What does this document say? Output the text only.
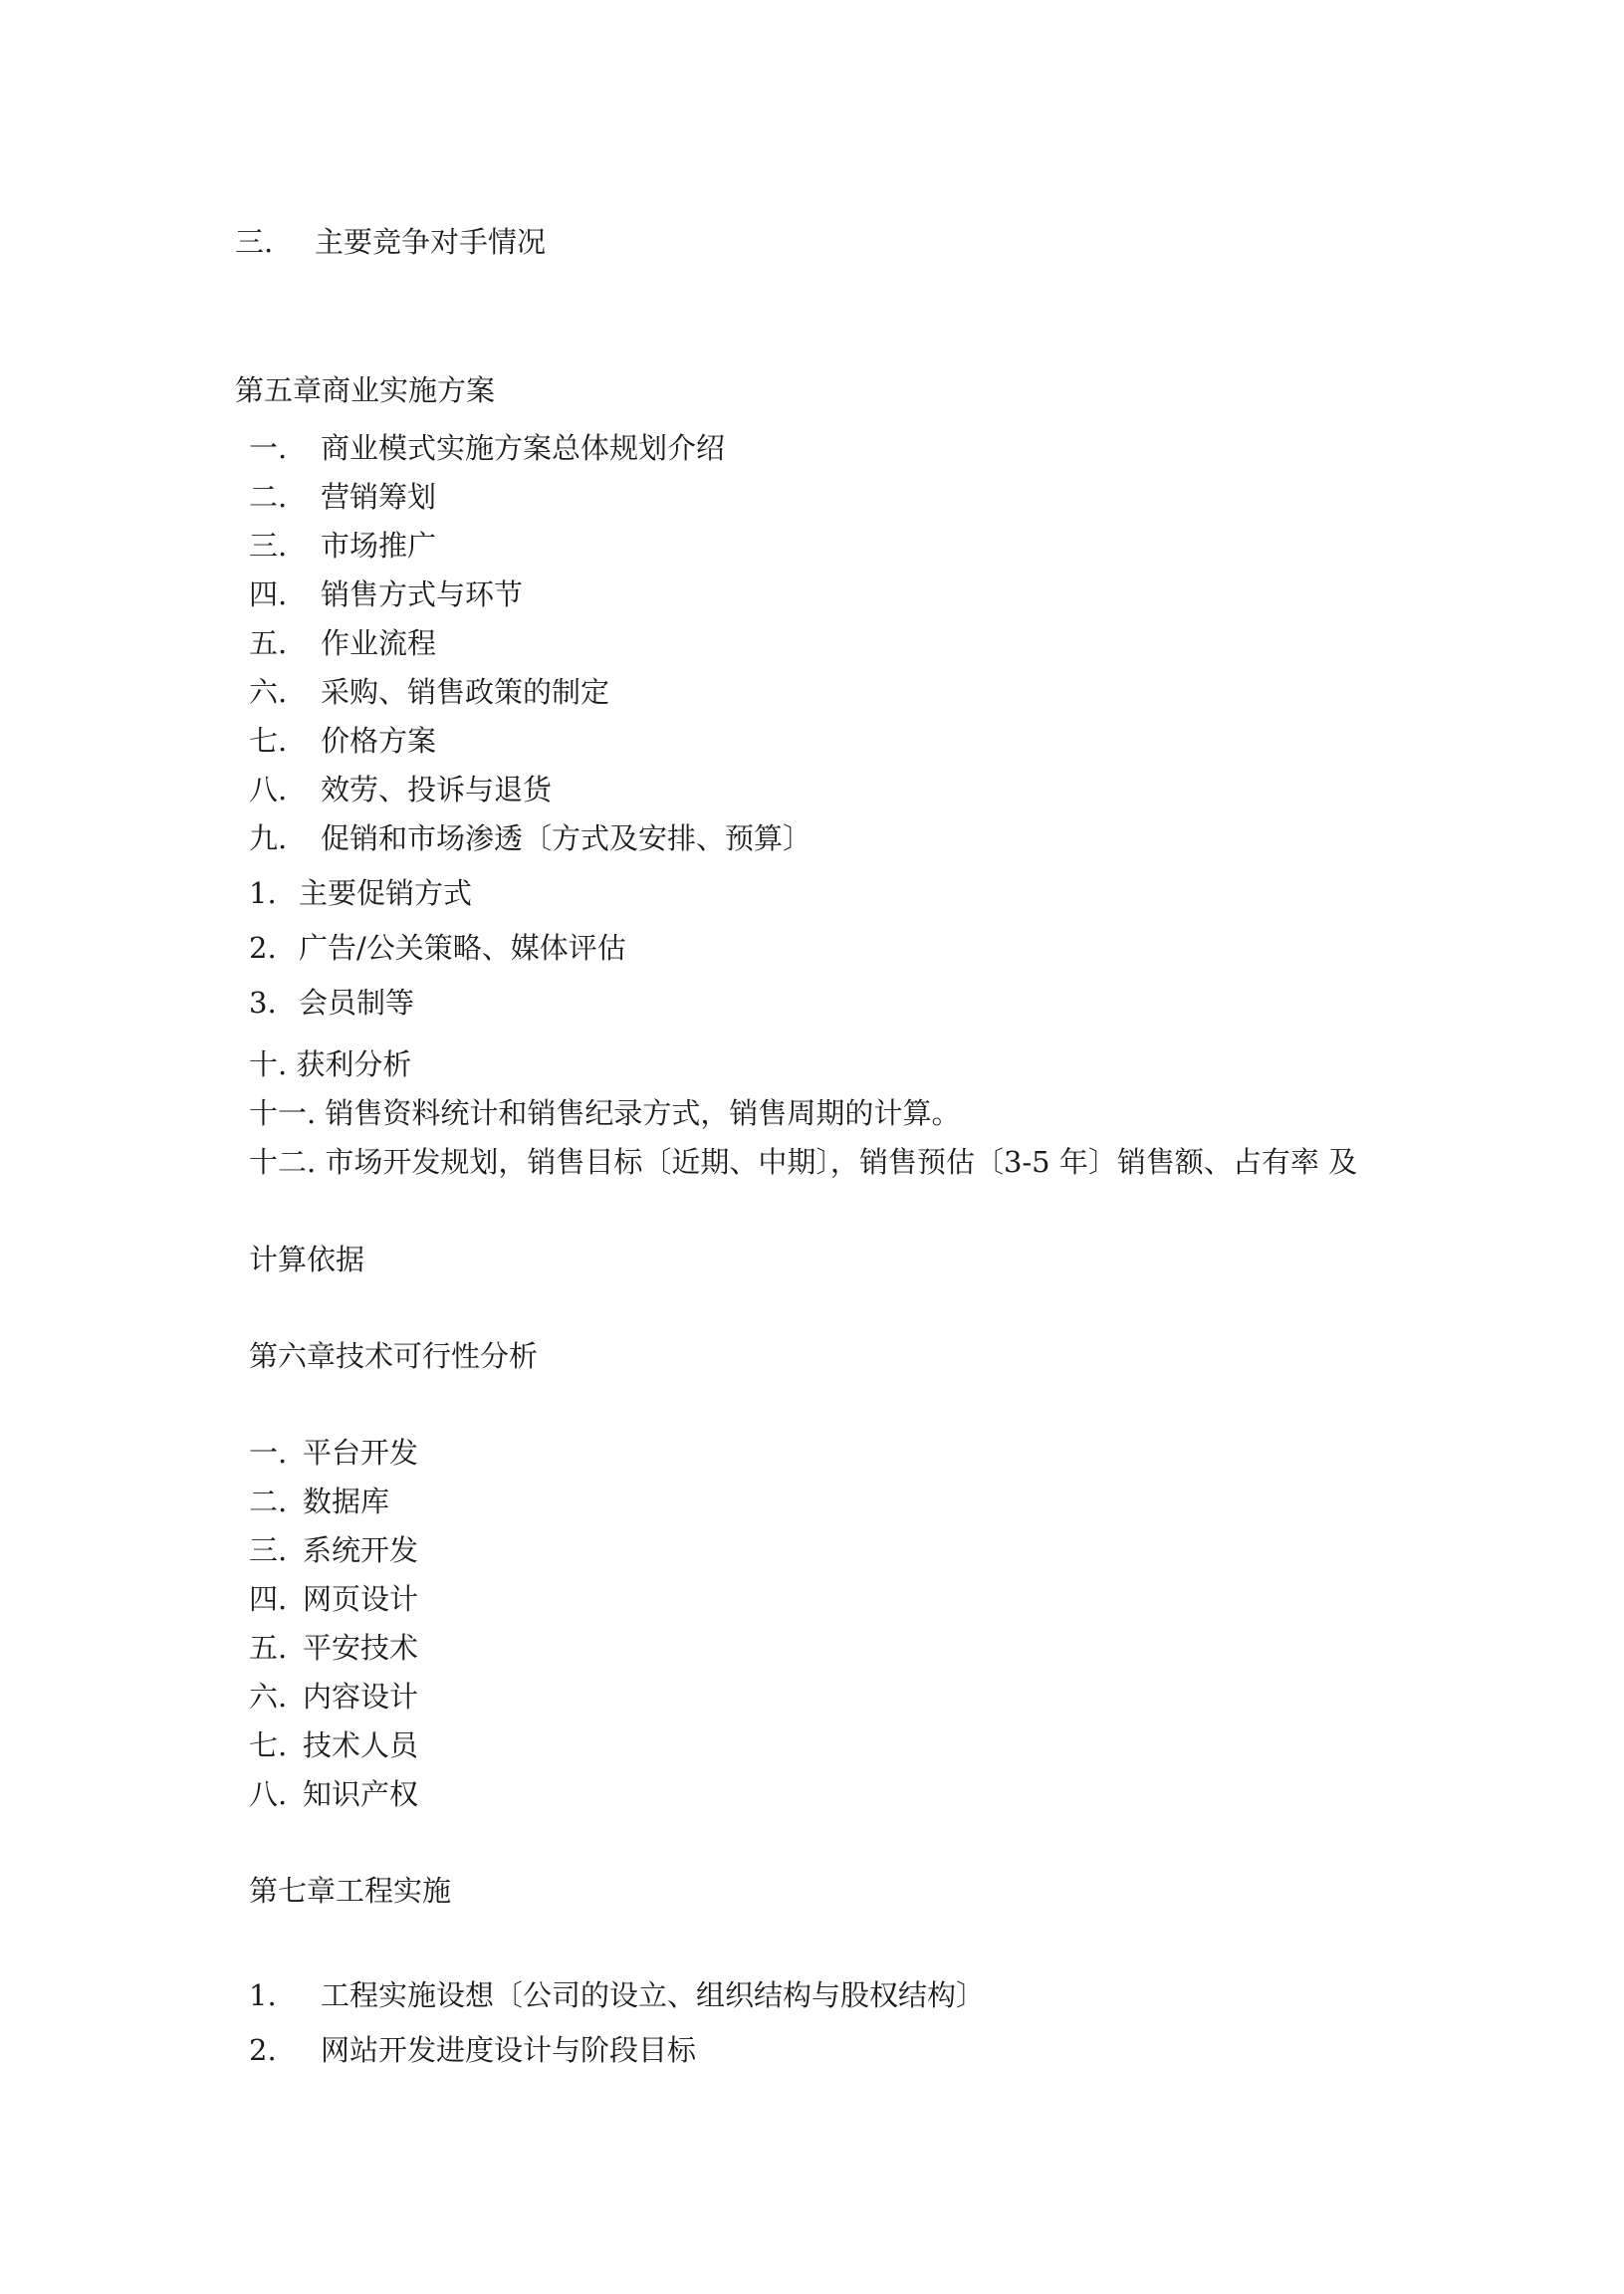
三. 主要竞争对手情况
第五章商业实施方案
一. 商业模式实施方案总体规划介绍
二. 营销筹划
三. 市场推广
四. 销售方式与环节
五. 作业流程
六. 采购、销售政策的制定
七. 价格方案
八. 效劳、投诉与退货
九. 促销和市场渗透〔方式及安排、预算〕
1. 主要促销方式
2. 广告/公关策略、媒体评估
3. 会员制等
十. 获利分析
十一. 销售资料统计和销售纪录方式，销售周期的计算。
十二. 市场开发规划，销售目标〔近期、中期〕，销售预估〔3-5 年〕销售额、占有率 及
计算依据
第六章技术可行性分析
一. 平台开发
二. 数据库
三. 系统开发
四. 网页设计
五. 平安技术
六. 内容设计
七. 技术人员
八. 知识产权
第七章工程实施
1. 工程实施设想〔公司的设立、组织结构与股权结构〕
2. 网站开发进度设计与阶段目标
